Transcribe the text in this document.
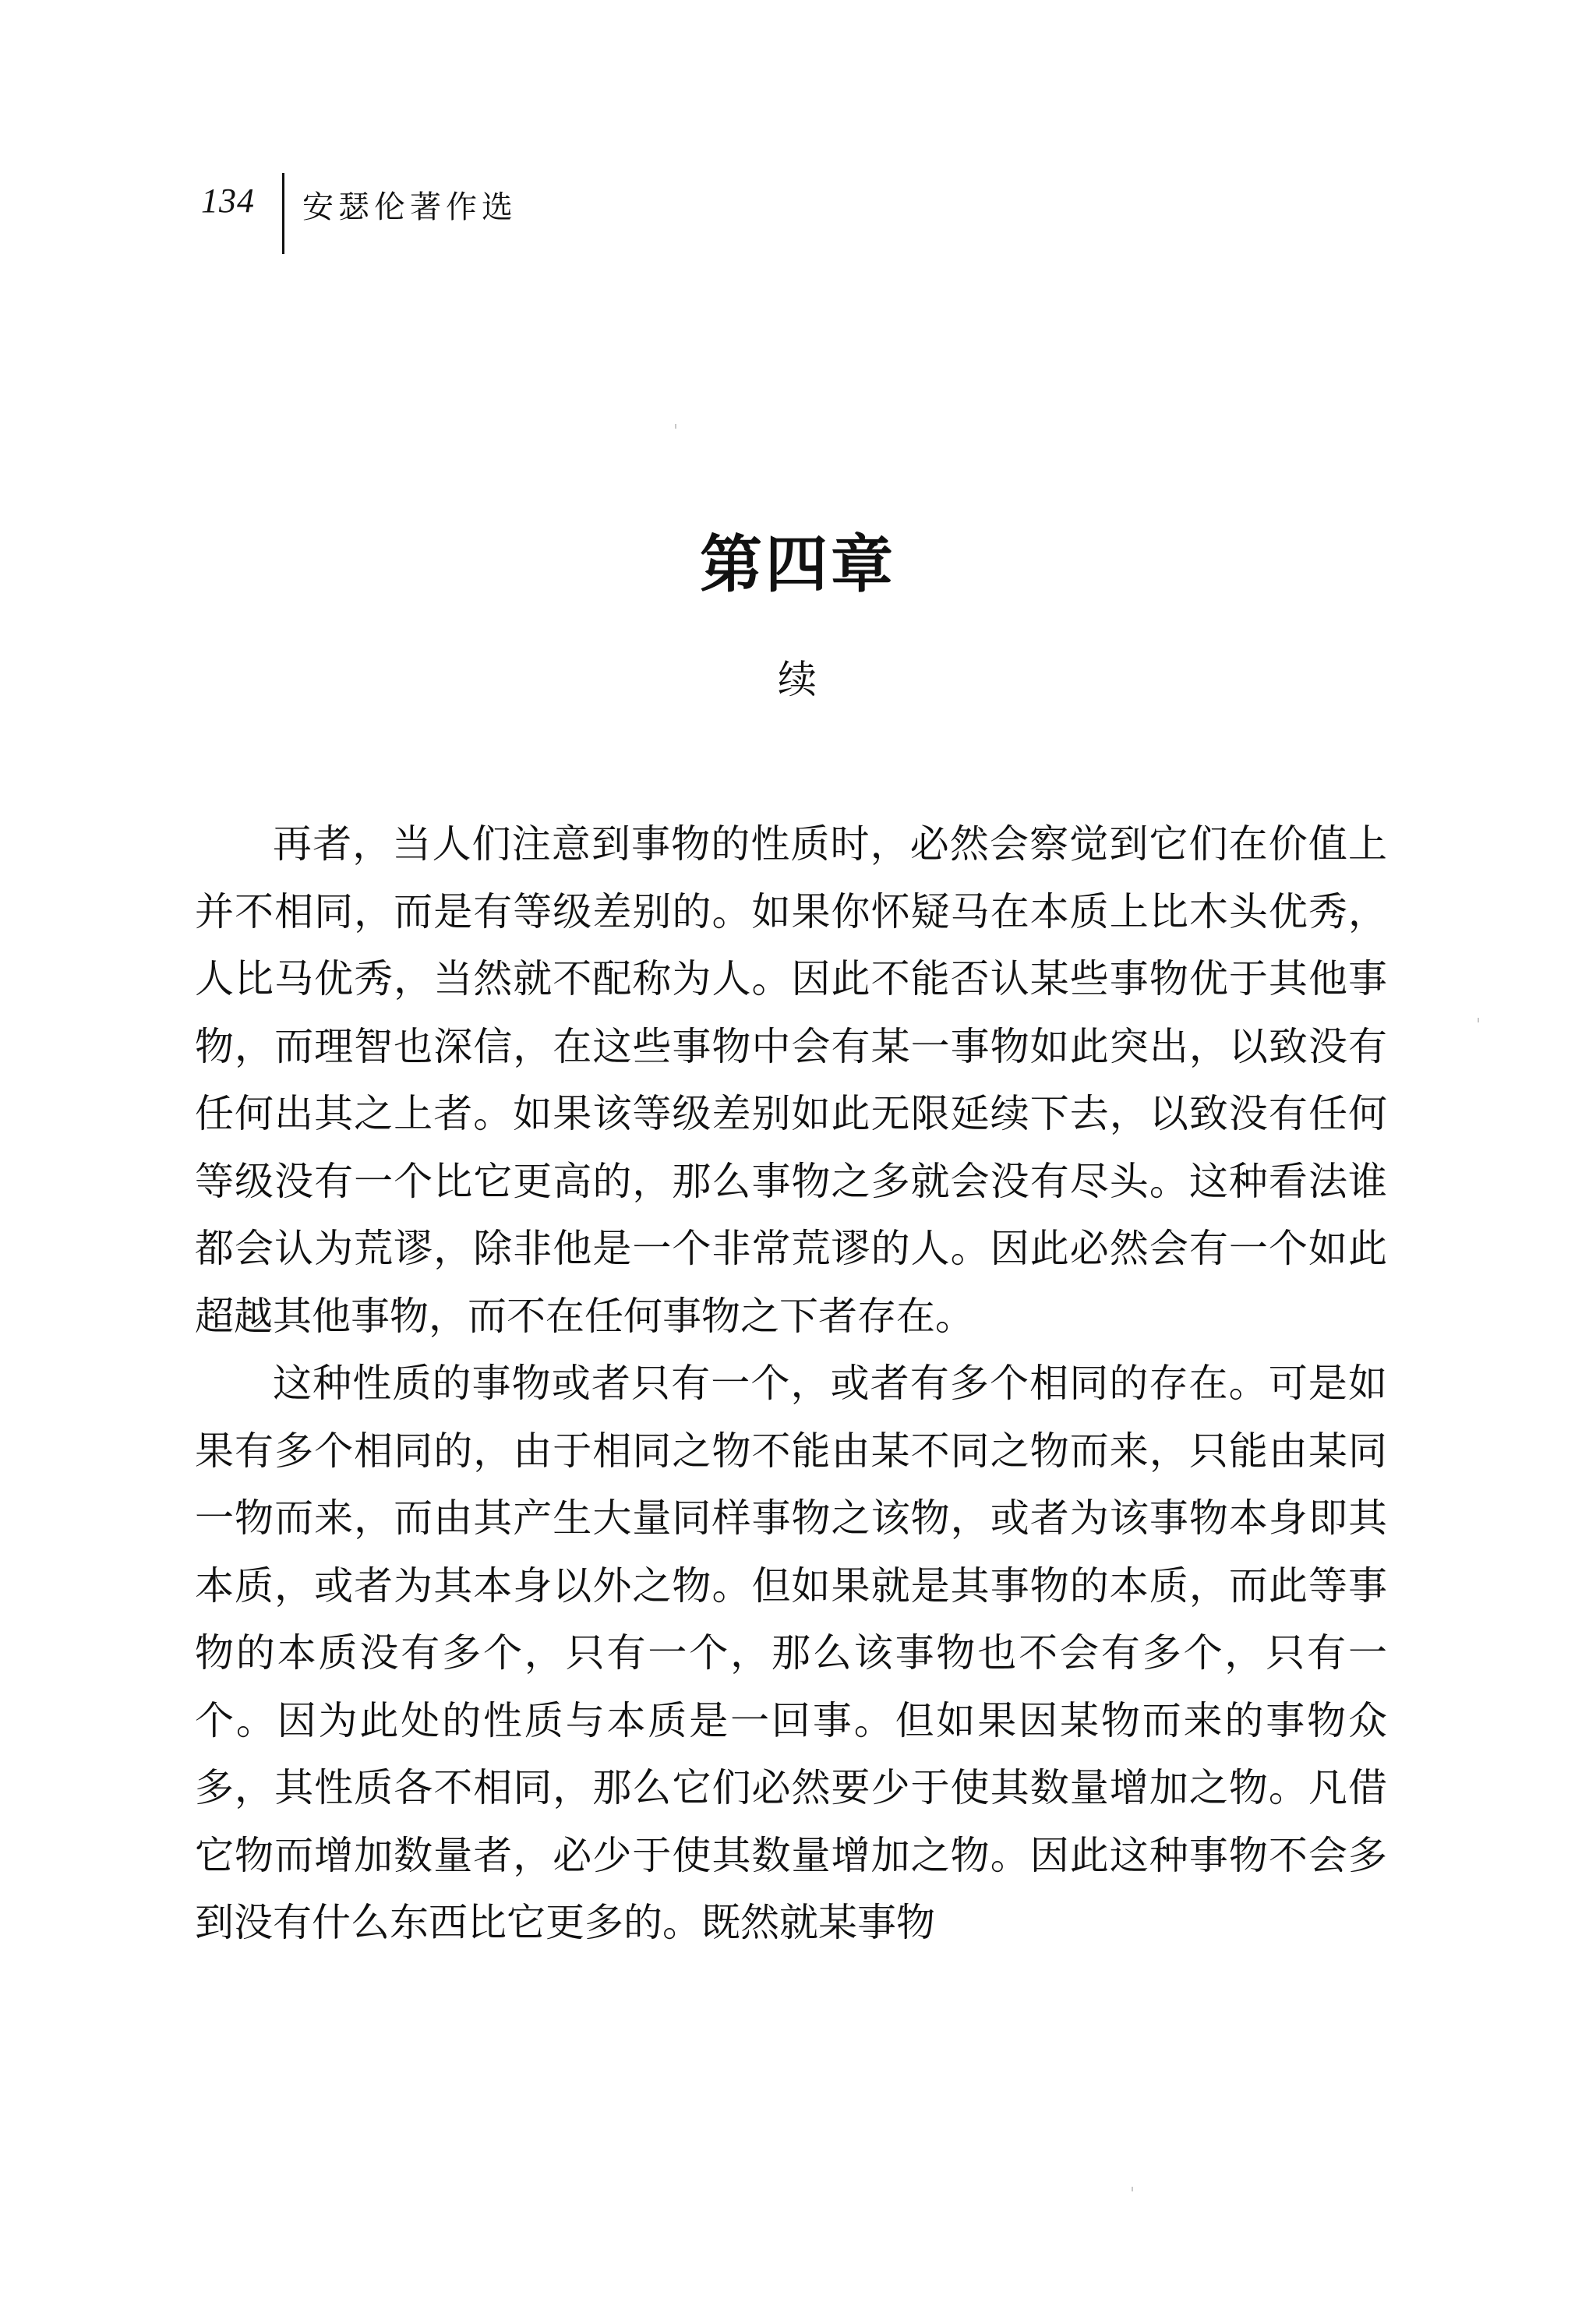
134 安瑟伦著作选
第四章
续

再者，当人们注意到事物的性质时，必然会察觉到它们在价值上并不相同，而是有等级差别的。如果你怀疑马在本质上比木头优秀，人比马优秀，当然就不配称为人。因此不能否认某些事物优于其他事物，而理智也深信，在这些事物中会有某一事物如此突出，以致没有任何出其之上者。如果该等级差别如此无限延续下去，以致没有任何等级没有一个比它更高的，那么事物之多就会没有尽头。这种看法谁都会认为荒谬，除非他是一个非常荒谬的人。因此必然会有一个如此超越其他事物，而不在任何事物之下者存在。

这种性质的事物或者只有一个，或者有多个相同的存在。可是如果有多个相同的，由于相同之物不能由某不同之物而来，只能由某同一物而来，而由其产生大量同样事物之该物，或者为该事物本身即其本质，或者为其本身以外之物。但如果就是其事物的本质，而此等事物的本质没有多个，只有一个，那么该事物也不会有多个，只有一个。因为此处的性质与本质是一回事。但如果因某物而来的事物众多，其性质各不相同，那么它们必然要少于使其数量增加之物。凡借它物而增加数量者，必少于使其数量增加之物。因此这种事物不会多到没有什么东西比它更多的。既然就某事物
